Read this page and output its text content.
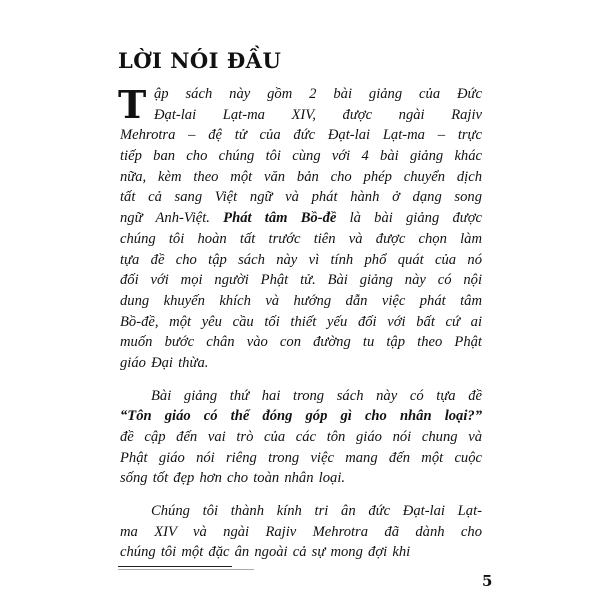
LỜI NÓI ĐẦU
T ập sách này gồm 2 bài giảng của Đức
Đạt-lai Lạt-ma XIV, được ngài Rajiv
Mehrotra – đệ tử của đức Đạt-lai Lạt-ma – trực
tiếp ban cho chúng tôi cùng với 4 bài giảng khác
nữa, kèm theo một văn bản cho phép chuyển dịch
tất cả sang Việt ngữ và phát hành ở dạng song
ngữ Anh-Việt. Phát tâm Bồ-đề là bài giảng được
chúng tôi hoàn tất trước tiên và được chọn làm
tựa đề cho tập sách này vì tính phổ quát của nó
đối với mọi người Phật tử. Bài giảng này có nội
dung khuyến khích và hướng dẫn việc phát tâm
Bồ-đề, một yêu cầu tối thiết yếu đối với bất cứ ai
muốn bước chân vào con đường tu tập theo Phật
giáo Đại thừa.
Bài giảng thứ hai trong sách này có tựa đề
“Tôn giáo có thể đóng góp gì cho nhân loại?”
đề cập đến vai trò của các tôn giáo nói chung và
Phật giáo nói riêng trong việc mang đến một cuộc
sống tốt đẹp hơn cho toàn nhân loại.
Chúng tôi thành kính tri ân đức Đạt-lai Lạt-
ma XIV và ngài Rajiv Mehrotra đã dành cho
chúng tôi một đặc ân ngoài cả sự mong đợi khi
5
